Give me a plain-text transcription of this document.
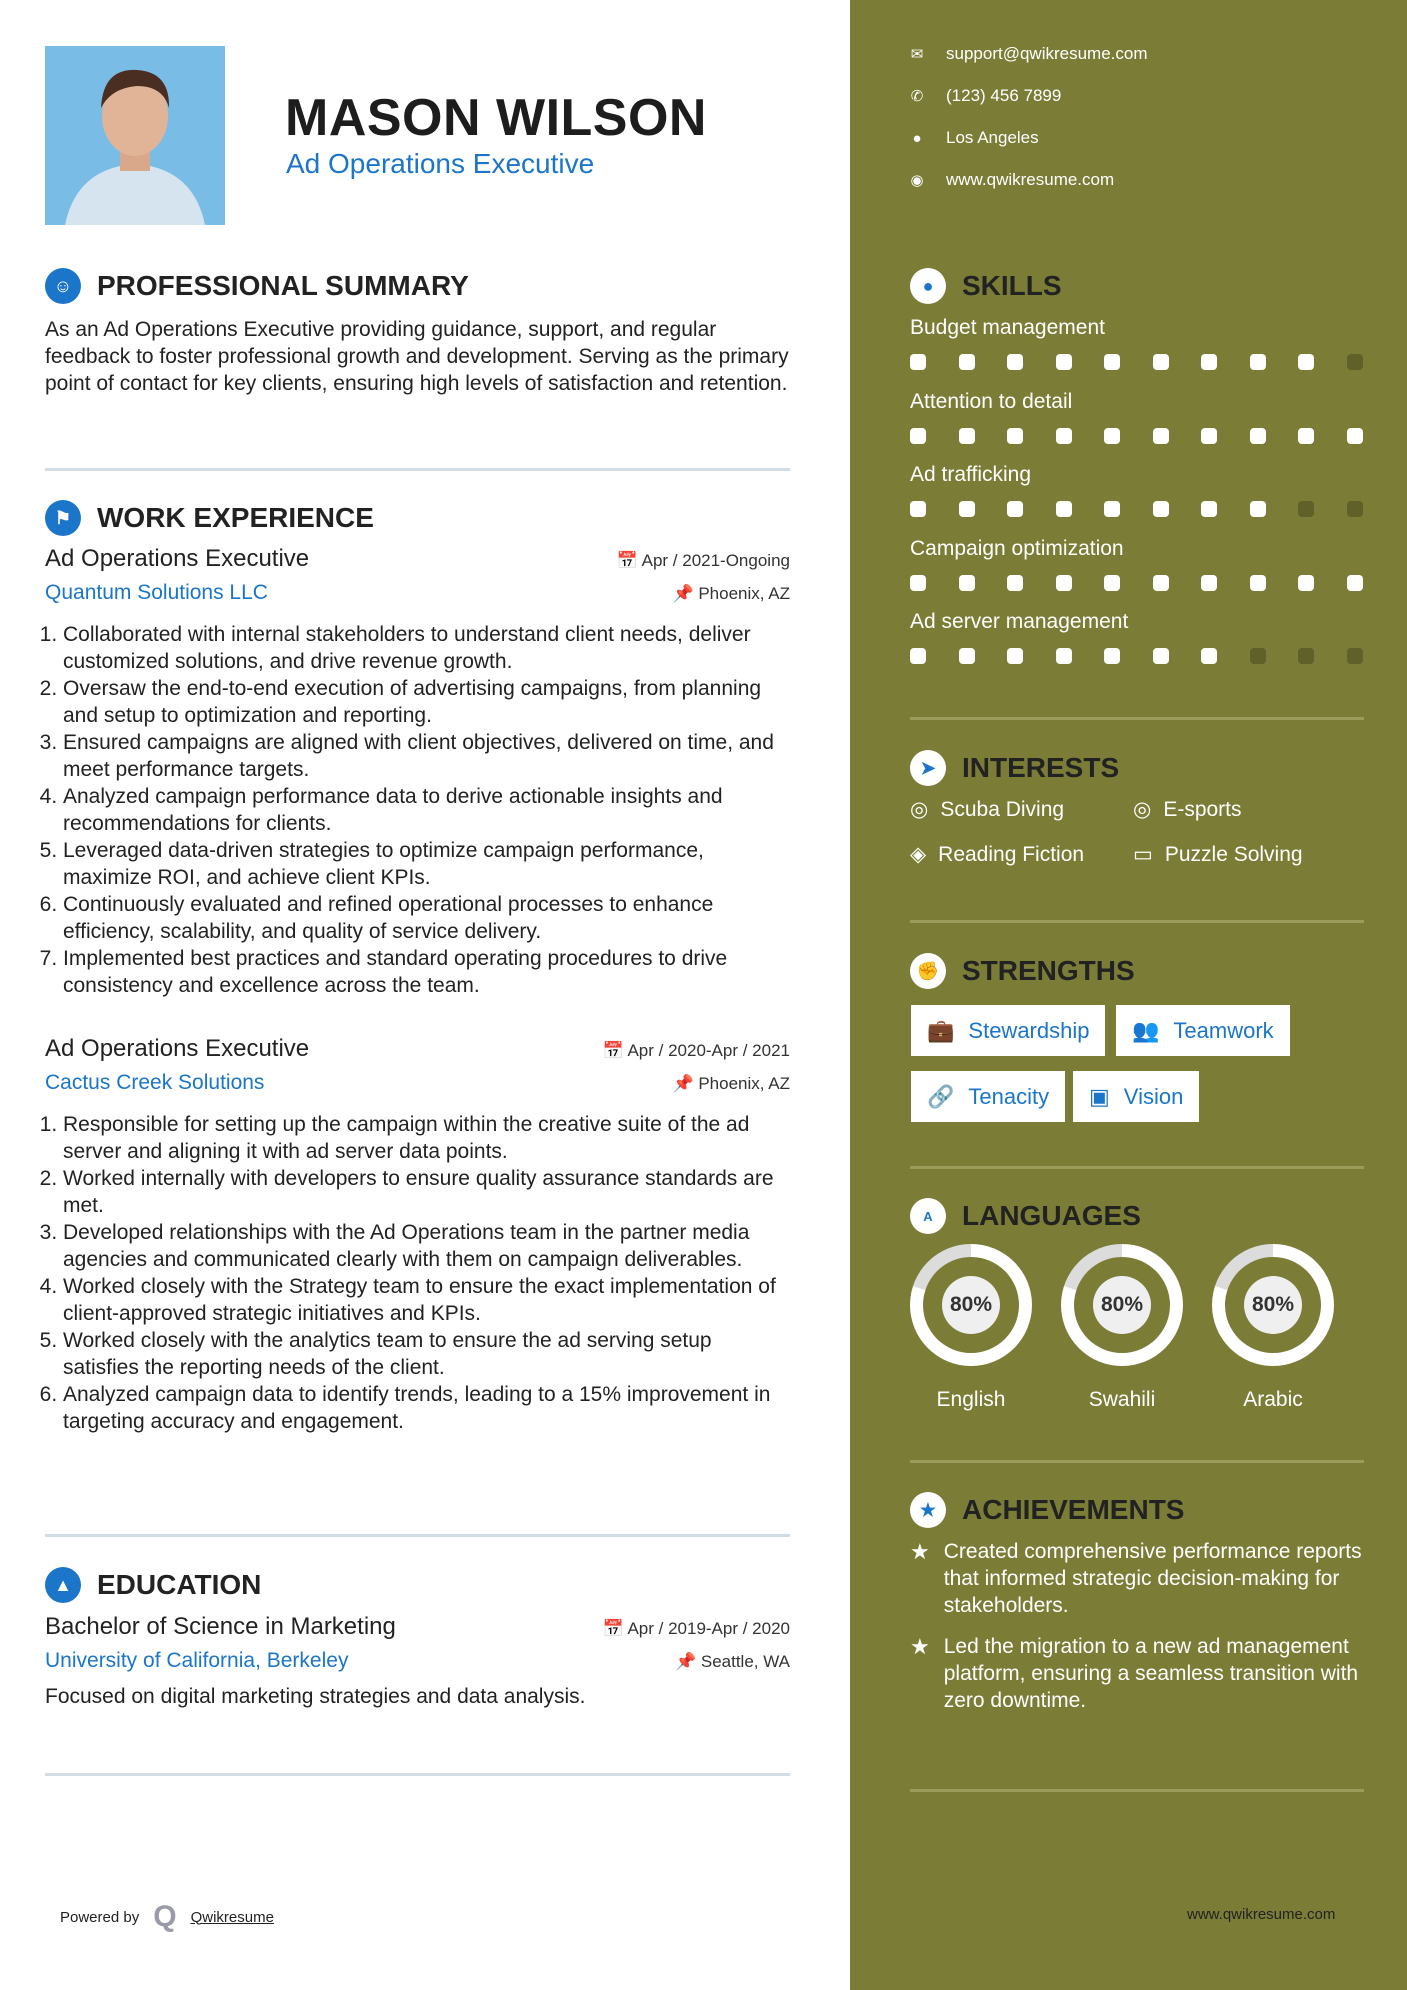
MASON WILSON
Ad Operations Executive
☺ PROFESSIONAL SUMMARY
As an Ad Operations Executive providing guidance, support, and regular feedback to foster professional growth and development. Serving as the primary point of contact for key clients, ensuring high levels of satisfaction and retention.
⚑ WORK EXPERIENCE
Ad Operations Executive	📅 Apr / 2021-Ongoing
Quantum Solutions LLC	📌 Phoenix, AZ
1. Collaborated with internal stakeholders to understand client needs, deliver customized solutions, and drive revenue growth.
2. Oversaw the end-to-end execution of advertising campaigns, from planning and setup to optimization and reporting.
3. Ensured campaigns are aligned with client objectives, delivered on time, and meet performance targets.
4. Analyzed campaign performance data to derive actionable insights and recommendations for clients.
5. Leveraged data-driven strategies to optimize campaign performance, maximize ROI, and achieve client KPIs.
6. Continuously evaluated and refined operational processes to enhance efficiency, scalability, and quality of service delivery.
7. Implemented best practices and standard operating procedures to drive consistency and excellence across the team.
Ad Operations Executive	📅 Apr / 2020-Apr / 2021
Cactus Creek Solutions	📌 Phoenix, AZ
1. Responsible for setting up the campaign within the creative suite of the ad server and aligning it with ad server data points.
2. Worked internally with developers to ensure quality assurance standards are met.
3. Developed relationships with the Ad Operations team in the partner media agencies and communicated clearly with them on campaign deliverables.
4. Worked closely with the Strategy team to ensure the exact implementation of client-approved strategic initiatives and KPIs.
5. Worked closely with the analytics team to ensure the ad serving setup satisfies the reporting needs of the client.
6. Analyzed campaign data to identify trends, leading to a 15% improvement in targeting accuracy and engagement.
▲ EDUCATION
Bachelor of Science in Marketing	📅 Apr / 2019-Apr / 2020
University of California, Berkeley	📌 Seattle, WA
Focused on digital marketing strategies and data analysis.
Powered by Q Qwikresume
✉ support@qwikresume.com
✆ (123) 456 7899
● Los Angeles
◉ www.qwikresume.com
●	SKILLS
Budget management
Attention to detail
Ad trafficking
Campaign optimization
Ad server management
➤ INTERESTS
◎ Scuba Diving	◎ E-sports
◈ Reading Fiction ▭ Puzzle Solving
✊ STRENGTHS
💼 Stewardship 👥 Teamwork
🔗 Tenacity ▣ Vision
A	LANGUAGES
80%
English
80%
Swahili
80%
Arabic
★ ACHIEVEMENTS
★ Created comprehensive performance reports that informed strategic decision-making for stakeholders.
★ Led the migration to a new ad management platform, ensuring a seamless transition with zero downtime.
www.qwikresume.com
